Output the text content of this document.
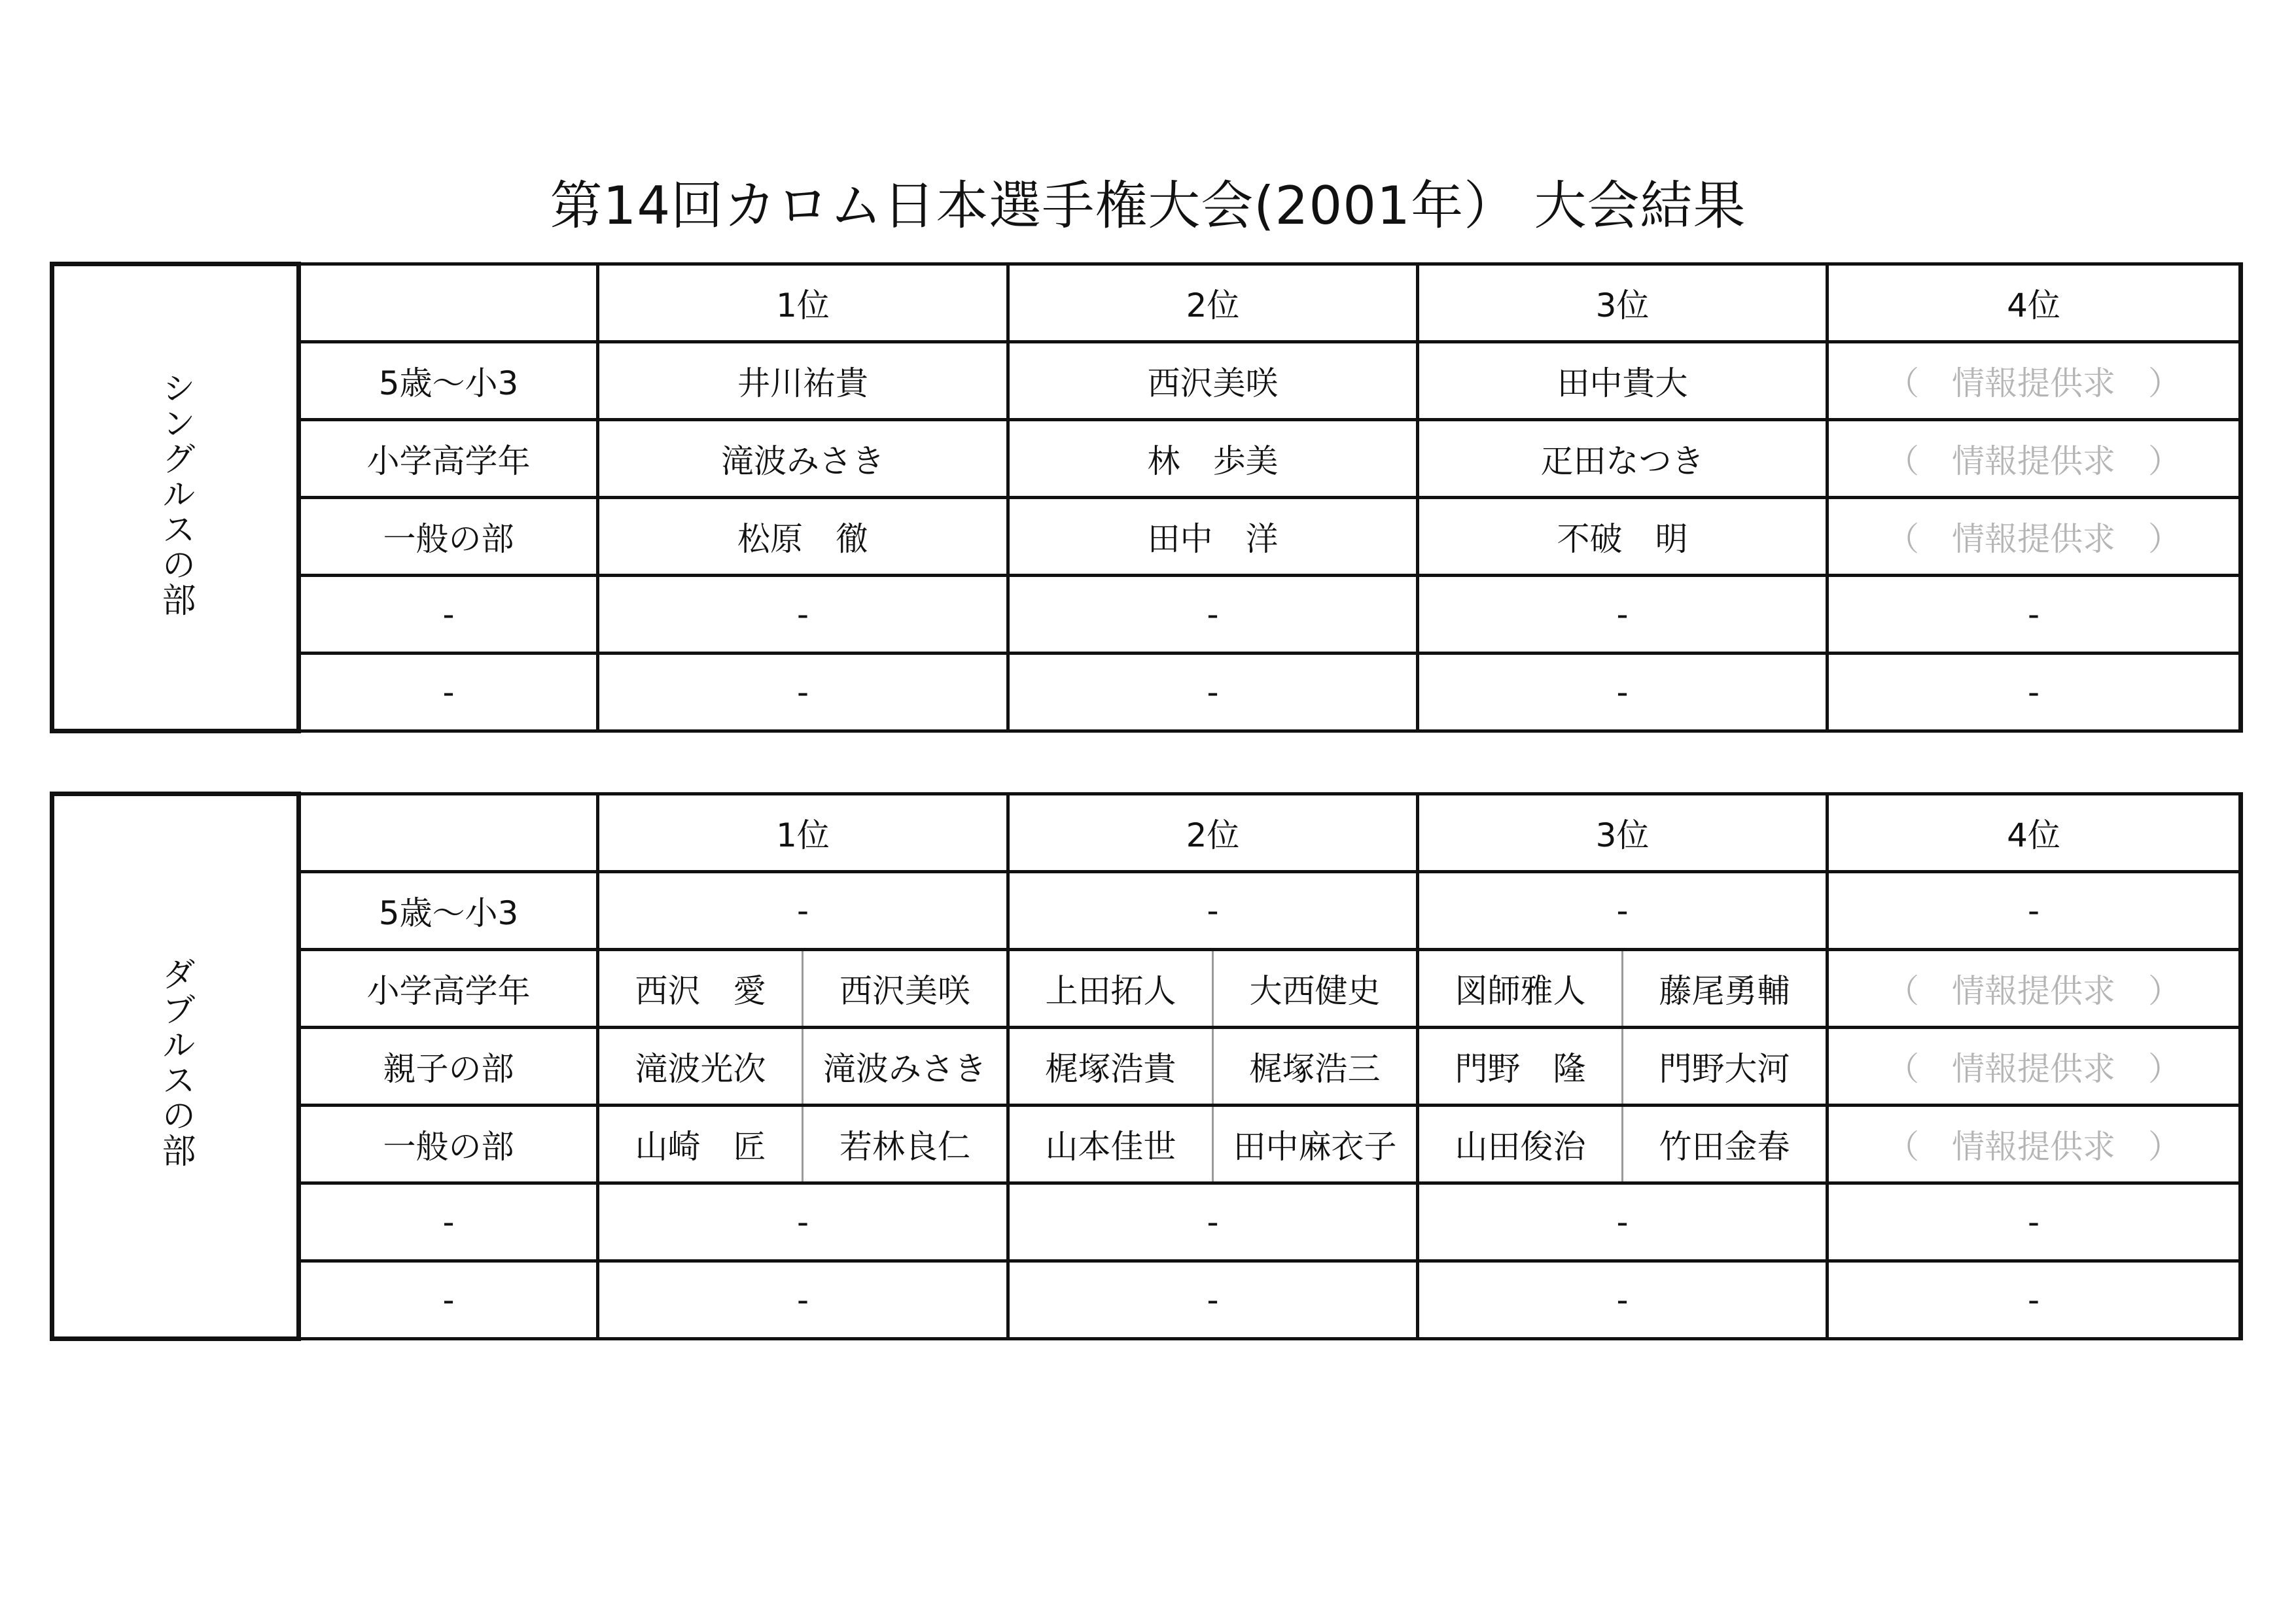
第14回カロム日本選手権大会(2001年） 大会結果
シングルスの部		1位	2位	3位	4位
	5歳～小3	井川祐貴	西沢美咲	田中貴大	（　情報提供求　）
	小学高学年	滝波みさき	林　歩美	疋田なつき	（　情報提供求　）
	一般の部	松原　徹	田中　洋	不破　明	（　情報提供求　）
	-	-	-	-	-
	-	-	-	-	-
ダブルスの部		1位		2位		3位		4位
	5歳～小3	-		-		-		-
	小学高学年	西沢　愛	西沢美咲	上田拓人	大西健史	図師雅人	藤尾勇輔	（　情報提供求　）
	親子の部	滝波光次	滝波みさき	梶塚浩貴	梶塚浩三	門野　隆	門野大河	（　情報提供求　）
	一般の部	山崎　匠	若林良仁	山本佳世	田中麻衣子	山田俊治	竹田金春	（　情報提供求　）
	-	-		-		-		-
	-	-		-		-		-
